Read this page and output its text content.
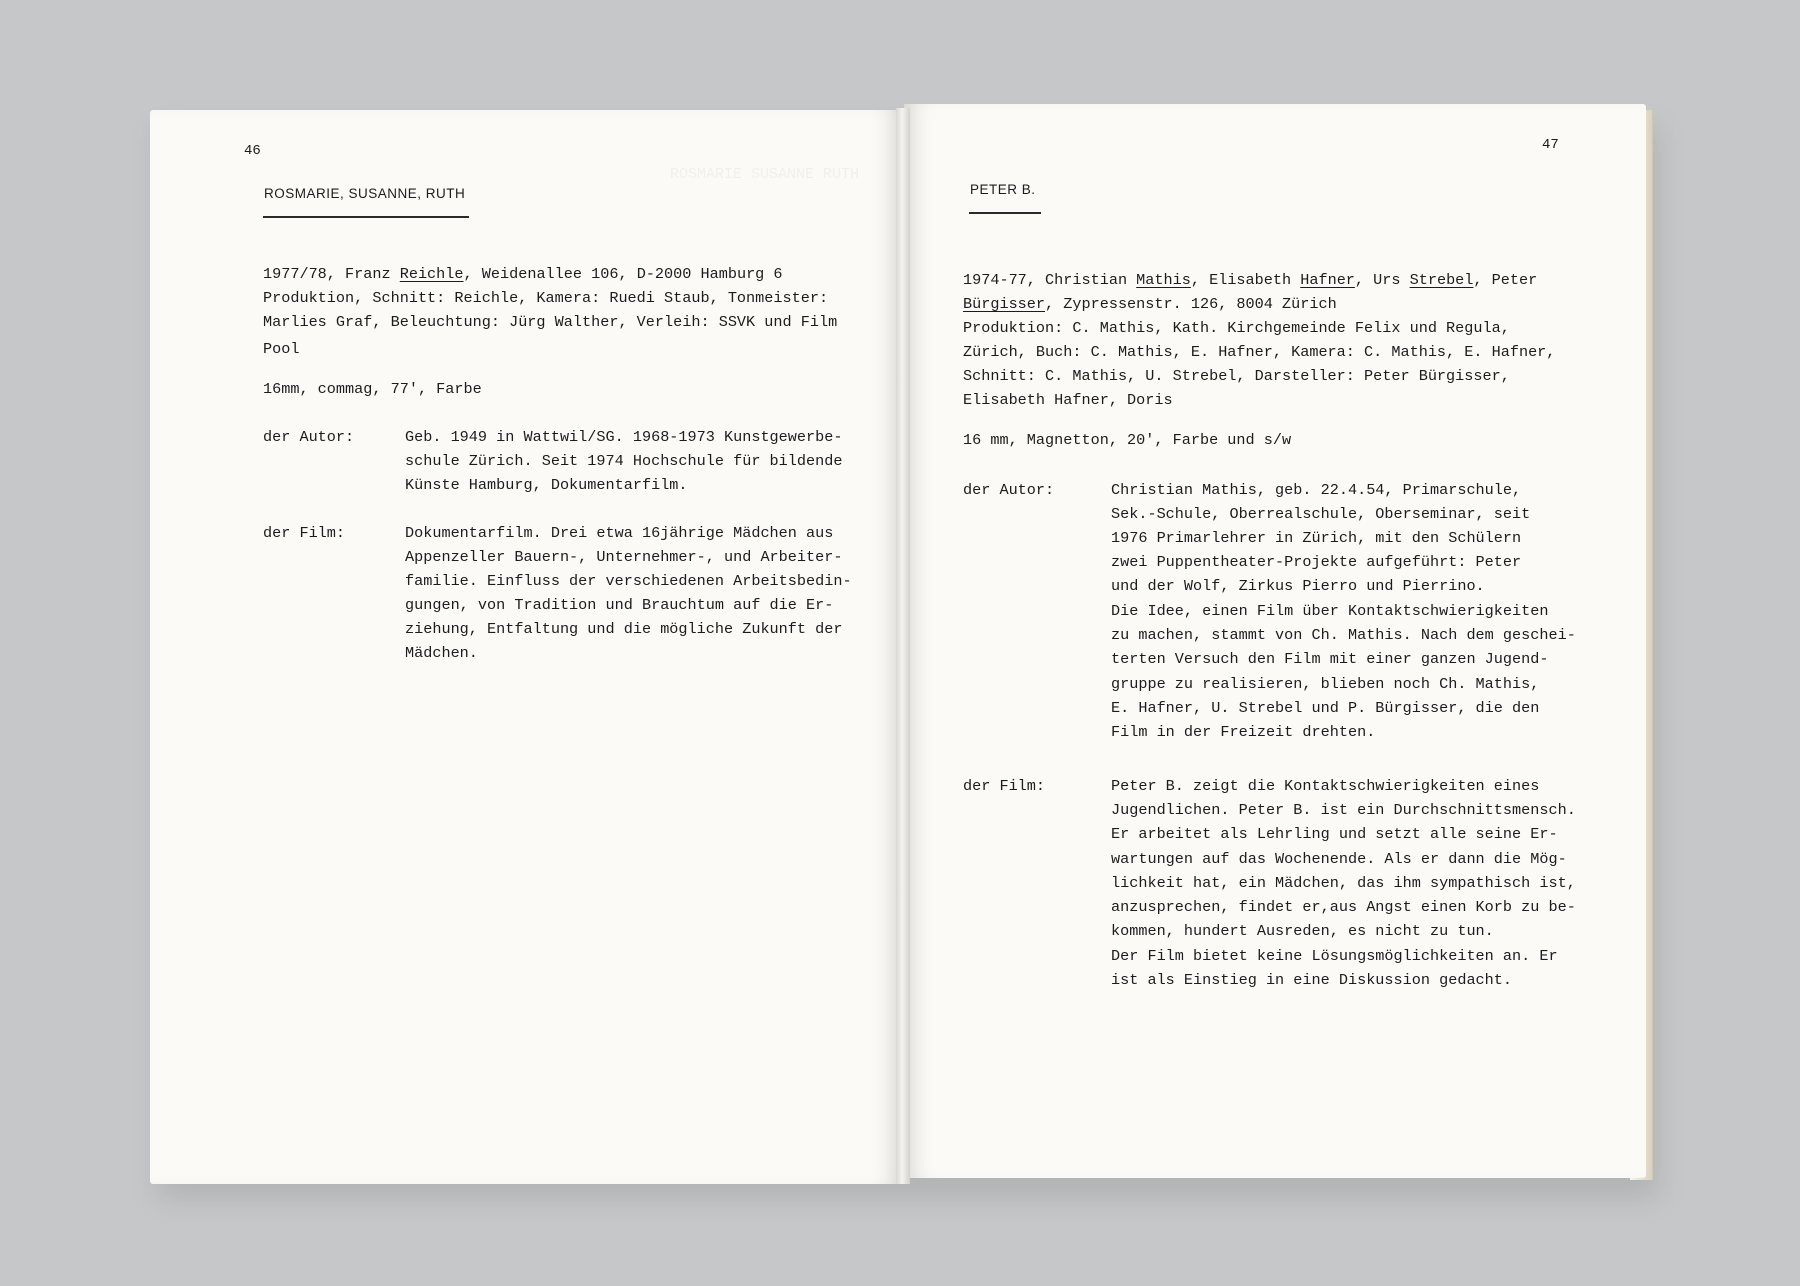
46
ROSMARIE, SUSANNE, RUTH
1977/78, Franz Reichle, Weidenallee 106, D-2000 Hamburg 6
Produktion, Schnitt: Reichle, Kamera: Ruedi Staub, Tonmeister:
Marlies Graf, Beleuchtung: Jürg Walther, Verleih: SSVK und Film
Pool
16mm, commag, 77', Farbe
der Autor:	Geb. 1949 in Wattwil/SG. 1968-1973 Kunstgewerbe-
schule Zürich. Seit 1974 Hochschule für bildende
Künste Hamburg, Dokumentarfilm.
der Film:	Dokumentarfilm. Drei etwa 16jährige Mädchen aus
Appenzeller Bauern-, Unternehmer-, und Arbeiter-
familie. Einfluss der verschiedenen Arbeitsbedin-
gungen, von Tradition und Brauchtum auf die Er-
ziehung, Entfaltung und die mögliche Zukunft der
Mädchen.
47
PETER B.
1974-77, Christian Mathis, Elisabeth Hafner, Urs Strebel, Peter
Bürgisser, Zypressenstr. 126, 8004 Zürich
Produktion: C. Mathis, Kath. Kirchgemeinde Felix und Regula,
Zürich, Buch: C. Mathis, E. Hafner, Kamera: C. Mathis, E. Hafner,
Schnitt: C. Mathis, U. Strebel, Darsteller: Peter Bürgisser,
Elisabeth Hafner, Doris
16 mm, Magnetton, 20', Farbe und s/w
der Autor:	Christian Mathis, geb. 22.4.54, Primarschule,
Sek.-Schule, Oberrealschule, Oberseminar, seit
1976 Primarlehrer in Zürich, mit den Schülern
zwei Puppentheater-Projekte aufgeführt: Peter
und der Wolf, Zirkus Pierro und Pierrino.
Die Idee, einen Film über Kontaktschwierigkeiten
zu machen, stammt von Ch. Mathis. Nach dem geschei-
terten Versuch den Film mit einer ganzen Jugend-
gruppe zu realisieren, blieben noch Ch. Mathis,
E. Hafner, U. Strebel und P. Bürgisser, die den
Film in der Freizeit drehten.
der Film:	Peter B. zeigt die Kontaktschwierigkeiten eines
Jugendlichen. Peter B. ist ein Durchschnittsmensch.
Er arbeitet als Lehrling und setzt alle seine Er-
wartungen auf das Wochenende. Als er dann die Mög-
lichkeit hat, ein Mädchen, das ihm sympathisch ist,
anzusprechen, findet er,aus Angst einen Korb zu be-
kommen, hundert Ausreden, es nicht zu tun.
Der Film bietet keine Lösungsmöglichkeiten an. Er
ist als Einstieg in eine Diskussion gedacht.
